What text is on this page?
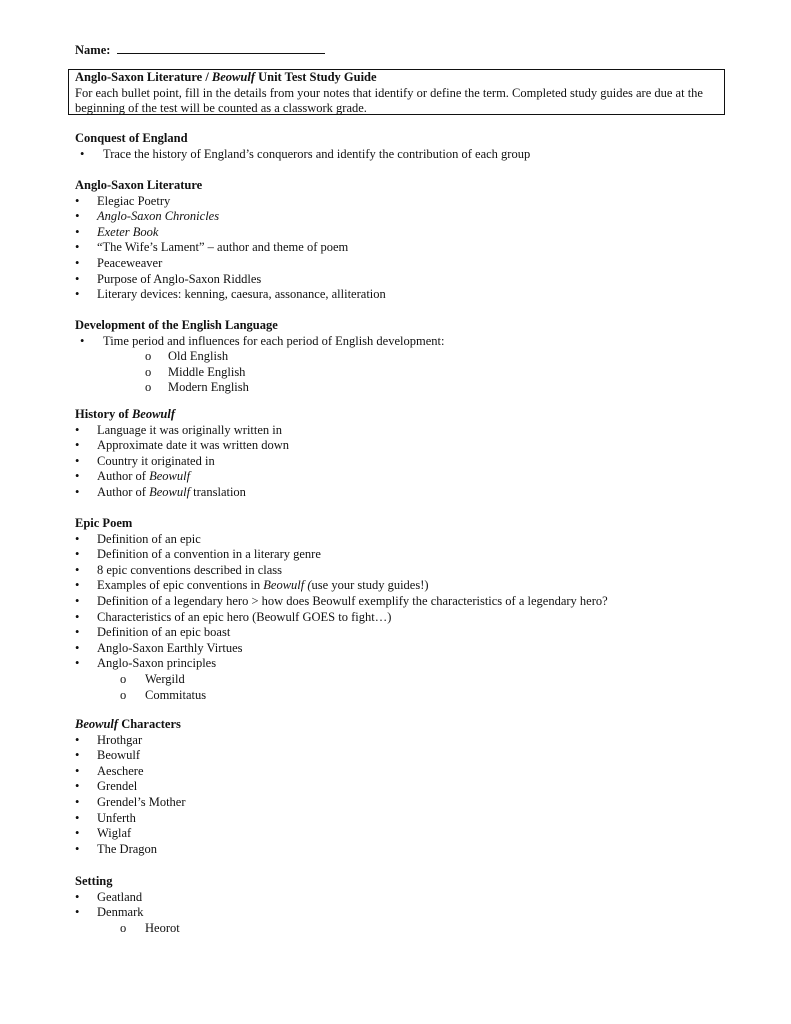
Name:

Anglo-Saxon Literature / Beowulf Unit Test Study Guide

For each bullet point, fill in the details from your notes that identify or define the term. Completed study guides are due at the beginning of the test will be counted as a classwork grade.

Conquest of England
• Trace the history of England’s conquerors and identify the contribution of each group
Anglo-Saxon Literature
• Elegiac Poetry
• Anglo-Saxon Chronicles
• Exeter Book
• “The Wife’s Lament” – author and theme of poem
• Peaceweaver
• Purpose of Anglo-Saxon Riddles
• Literary devices: kenning, caesura, assonance, alliteration
Development of the English Language
• Time period and influences for each period of English development:
o Old English
o Middle English
o Modern English
History of Beowulf
• Language it was originally written in
• Approximate date it was written down
• Country it originated in
• Author of Beowulf
• Author of Beowulf translation
Epic Poem
• Definition of an epic
• Definition of a convention in a literary genre
• 8 epic conventions described in class
• Examples of epic conventions in Beowulf (use your study guides!)
• Definition of a legendary hero > how does Beowulf exemplify the characteristics of a legendary hero?
• Characteristics of an epic hero (Beowulf GOES to fight…)
• Definition of an epic boast
• Anglo-Saxon Earthly Virtues
• Anglo-Saxon principles
o Wergild
o Commitatus
Beowulf Characters
• Hrothgar
• Beowulf
• Aeschere
• Grendel
• Grendel’s Mother
• Unferth
• Wiglaf
• The Dragon
Setting
• Geatland
• Denmark
o Heorot
